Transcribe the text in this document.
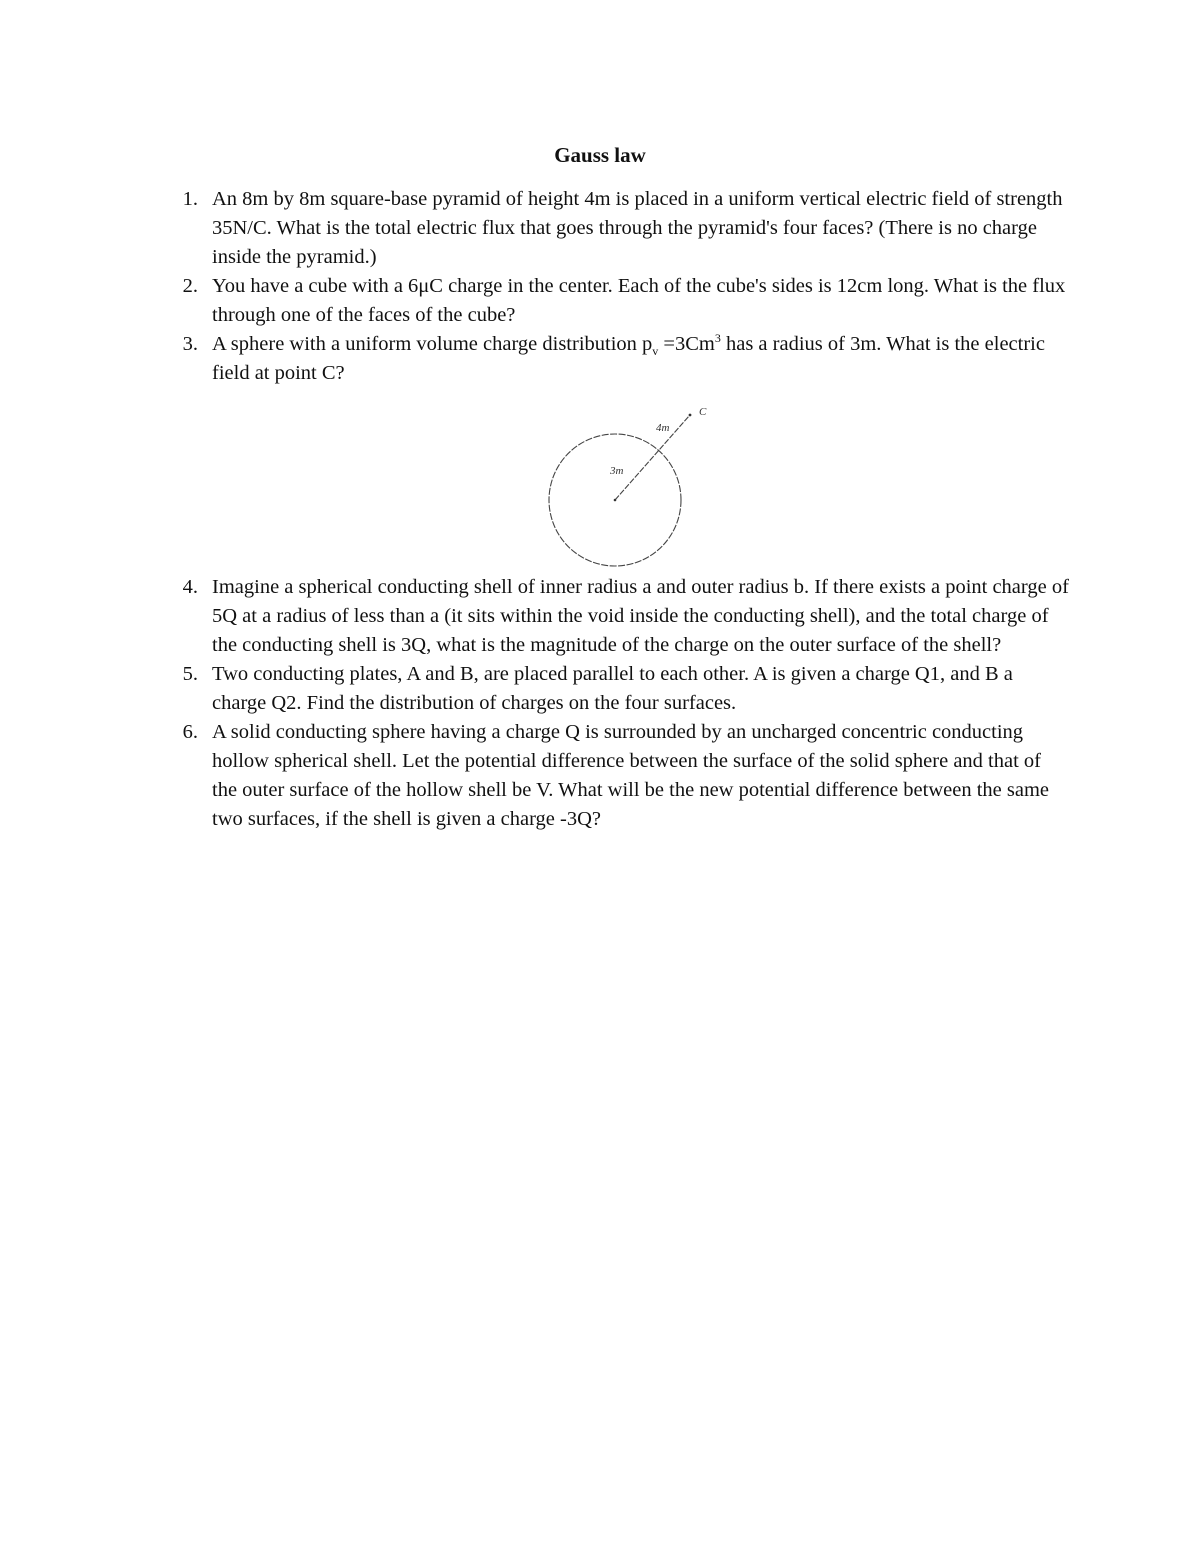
Gauss law
1. An 8m by 8m square-base pyramid of height 4m is placed in a uniform vertical electric field of strength 35N/C. What is the total electric flux that goes through the pyramid's four faces? (There is no charge inside the pyramid.)
2. You have a cube with a 6μC charge in the center. Each of the cube's sides is 12cm long. What is the flux through one of the faces of the cube?
3. A sphere with a uniform volume charge distribution $p_v =3Cm^3$ has a radius of 3m. What is the electric field at point C?
3m
4m
C
4. Imagine a spherical conducting shell of inner radius a and outer radius b. If there exists a point charge of 5Q at a radius of less than a (it sits within the void inside the conducting shell), and the total charge of the conducting shell is 3Q, what is the magnitude of the charge on the outer surface of the shell?
5. Two conducting plates, A and B, are placed parallel to each other. A is given a charge Q1, and B a charge Q2. Find the distribution of charges on the four surfaces.
6. A solid conducting sphere having a charge Q is surrounded by an uncharged concentric conducting hollow spherical shell. Let the potential difference between the surface of the solid sphere and that of the outer surface of the hollow shell be V. What will be the new potential difference between the same two surfaces, if the shell is given a charge -3Q?
